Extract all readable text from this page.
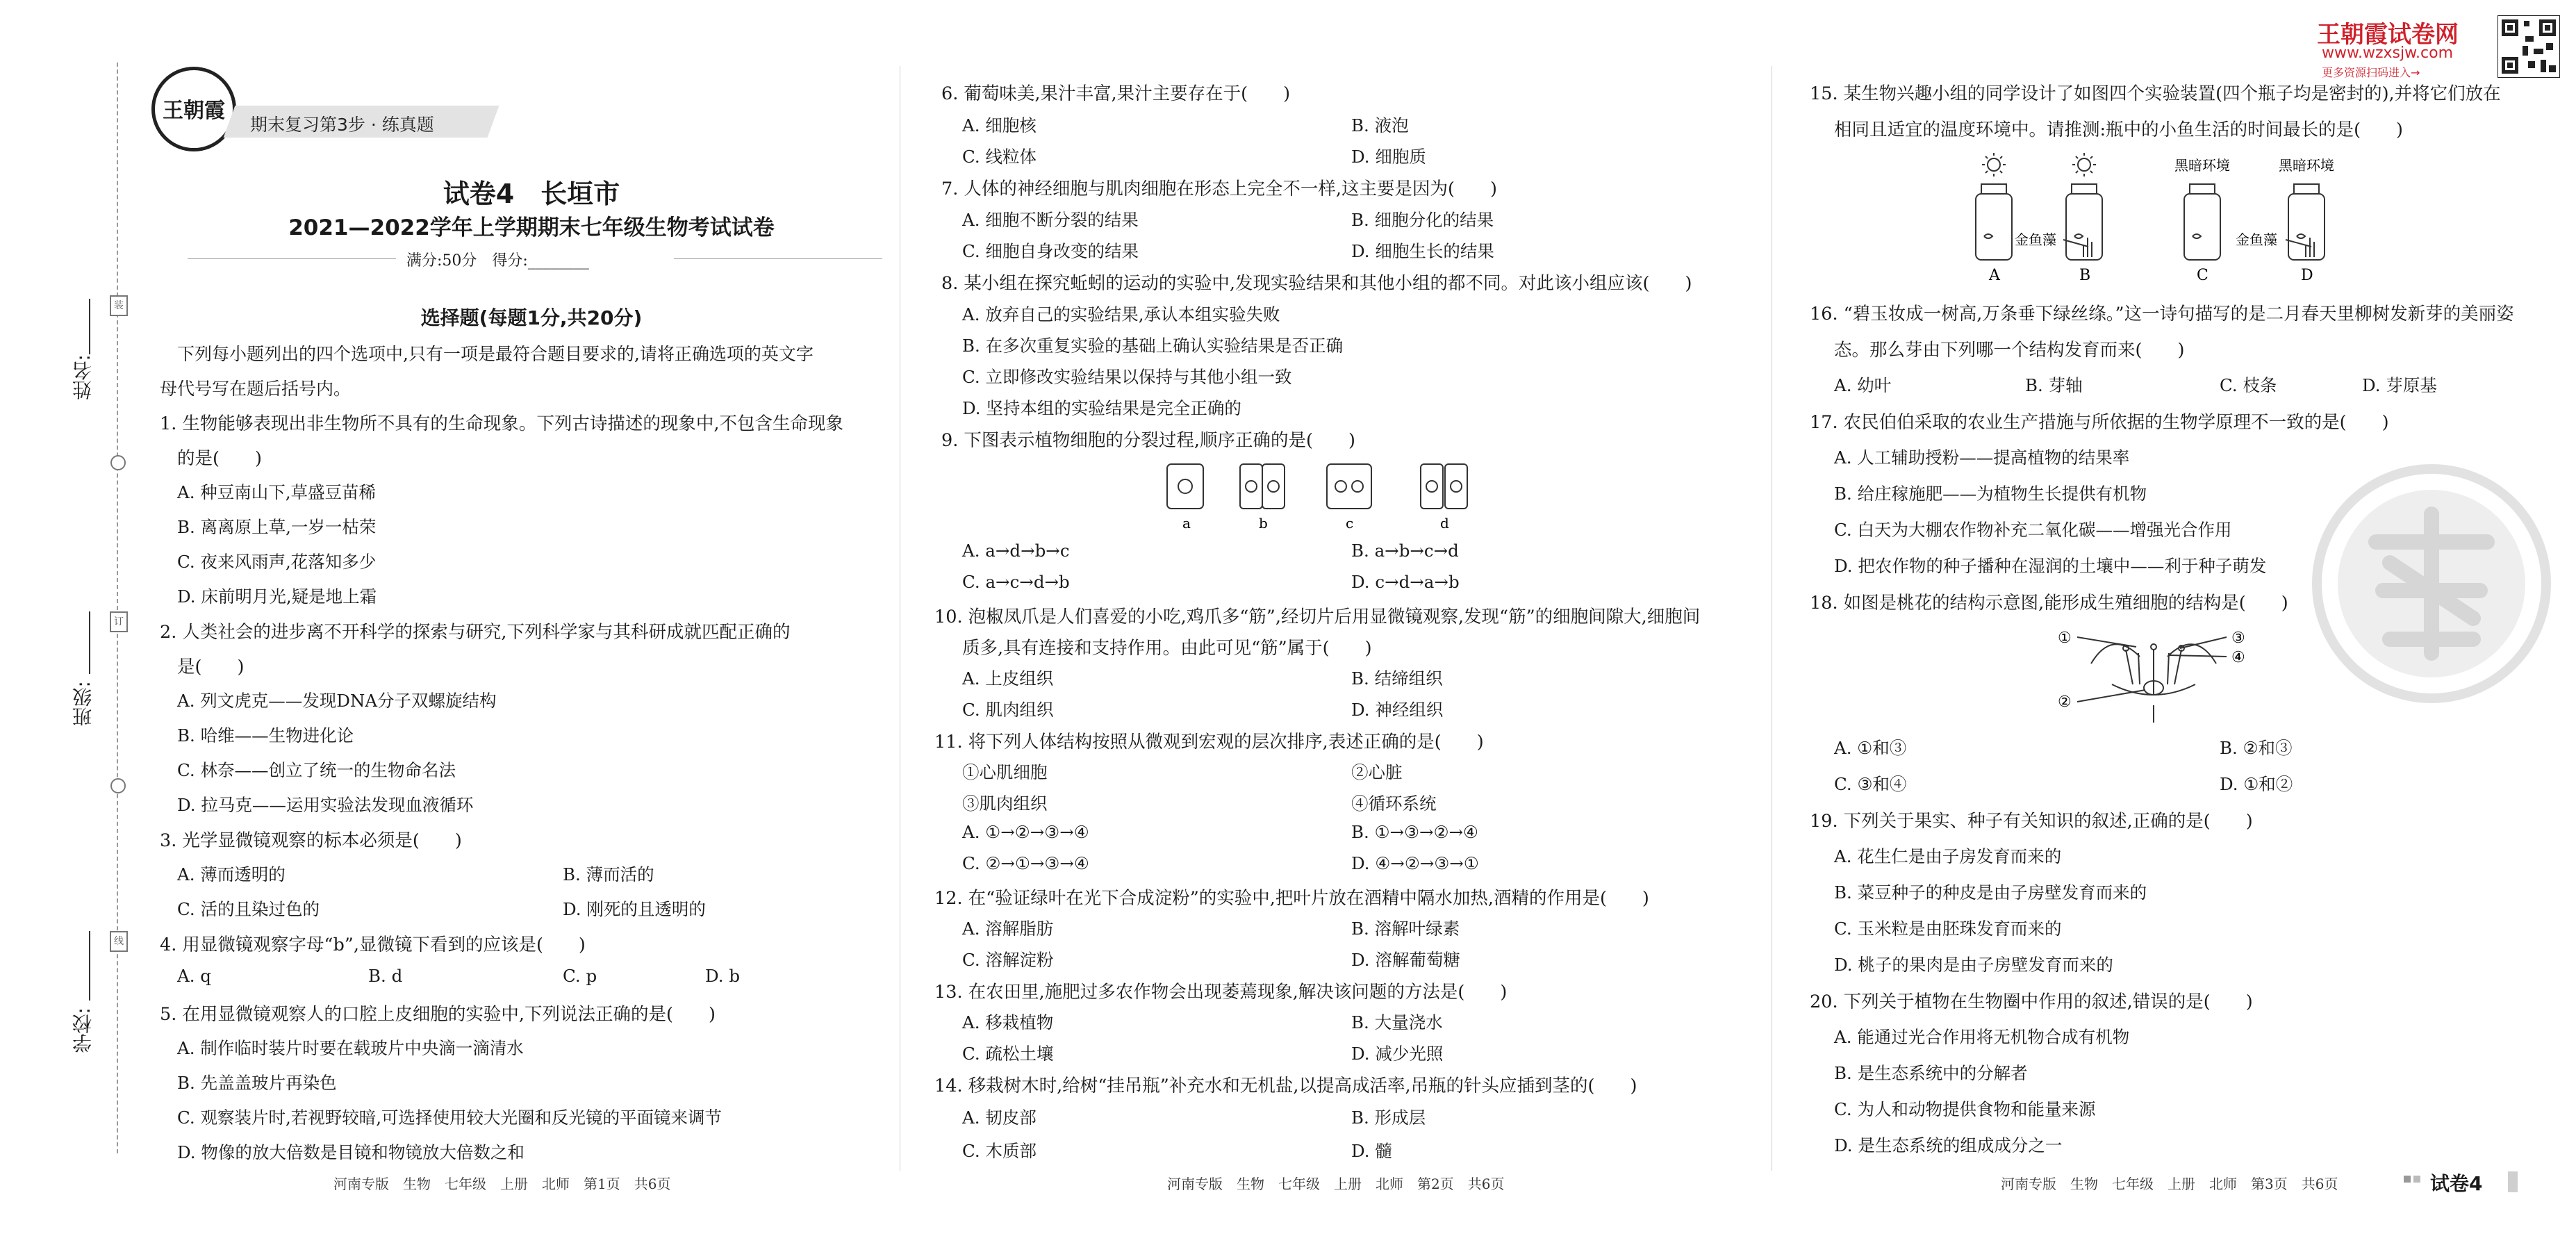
姓名:
班级:
学校:
装
订
线
王朝霞
期末复习第3步 · 练真题
试卷4　长垣市
2021—2022学年上学期期末七年级生物考试试卷
满分:50分　得分:________
选择题(每题1分,共20分)
下列每小题列出的四个选项中,只有一项是最符合题目要求的,请将正确选项的英文字
母代号写在题后括号内。
1. 生物能够表现出非生物所不具有的生命现象。下列古诗描述的现象中,不包含生命现象
的是(　　)
A. 种豆南山下,草盛豆苗稀
B. 离离原上草,一岁一枯荣
C. 夜来风雨声,花落知多少
D. 床前明月光,疑是地上霜
2. 人类社会的进步离不开科学的探索与研究,下列科学家与其科研成就匹配正确的
是(　　)
A. 列文虎克——发现DNA分子双螺旋结构
B. 哈维——生物进化论
C. 林奈——创立了统一的生物命名法
D. 拉马克——运用实验法发现血液循环
3. 光学显微镜观察的标本必须是(　　)
A. 薄而透明的	B. 薄而活的
C. 活的且染过色的	D. 刚死的且透明的
4. 用显微镜观察字母“b”,显微镜下看到的应该是(　　)
A. q	B. d	C. p	D. b
5. 在用显微镜观察人的口腔上皮细胞的实验中,下列说法正确的是(　　)
A. 制作临时装片时要在载玻片中央滴一滴清水
B. 先盖盖玻片再染色
C. 观察装片时,若视野较暗,可选择使用较大光圈和反光镜的平面镜来调节
D. 物像的放大倍数是目镜和物镜放大倍数之和
河南专版　生物　七年级　上册　北师　第1页　共6页
6. 葡萄味美,果汁丰富,果汁主要存在于(　　)
A. 细胞核	B. 液泡
C. 线粒体	D. 细胞质
7. 人体的神经细胞与肌肉细胞在形态上完全不一样,这主要是因为(　　)
A. 细胞不断分裂的结果	B. 细胞分化的结果
C. 细胞自身改变的结果	D. 细胞生长的结果
8. 某小组在探究蚯蚓的运动的实验中,发现实验结果和其他小组的都不同。对此该小组应该(　　)
A. 放弃自己的实验结果,承认本组实验失败
B. 在多次重复实验的基础上确认实验结果是否正确
C. 立即修改实验结果以保持与其他小组一致
D. 坚持本组的实验结果是完全正确的
9. 下图表示植物细胞的分裂过程,顺序正确的是(　　)
a	b	c	d
A. a→d→b→c	B. a→b→c→d
C. a→c→d→b	D. c→d→a→b
10. 泡椒凤爪是人们喜爱的小吃,鸡爪多“筋”,经切片后用显微镜观察,发现“筋”的细胞间隙大,细胞间
质多,具有连接和支持作用。由此可见“筋”属于(　　)
A. 上皮组织	B. 结缔组织
C. 肌肉组织	D. 神经组织
11. 将下列人体结构按照从微观到宏观的层次排序,表述正确的是(　　)
①心肌细胞	②心脏
③肌肉组织	④循环系统
A. ①→②→③→④	B. ①→③→②→④
C. ②→①→③→④	D. ④→②→③→①
12. 在“验证绿叶在光下合成淀粉”的实验中,把叶片放在酒精中隔水加热,酒精的作用是(　　)
A. 溶解脂肪	B. 溶解叶绿素
C. 溶解淀粉	D. 溶解葡萄糖
13. 在农田里,施肥过多农作物会出现萎蔫现象,解决该问题的方法是(　　)
A. 移栽植物	B. 大量浇水
C. 疏松土壤	D. 减少光照
14. 移栽树木时,给树“挂吊瓶”补充水和无机盐,以提高成活率,吊瓶的针头应插到茎的(　　)
A. 韧皮部	B. 形成层
C. 木质部	D. 髓
河南专版　生物　七年级　上册　北师　第2页　共6页
王朝霞试卷网
www.wzxsjw.com
更多资源扫码进入→
15. 某生物兴趣小组的同学设计了如图四个实验装置(四个瓶子均是密封的),并将它们放在
相同且适宜的温度环境中。请推测:瓶中的小鱼生活的时间最长的是(　　)
黑暗环境	黑暗环境
金鱼藻	金鱼藻
A	B	C	D
16. “碧玉妆成一树高,万条垂下绿丝绦。”这一诗句描写的是二月春天里柳树发新芽的美丽姿
态。那么芽由下列哪一个结构发育而来(　　)
A. 幼叶	B. 芽轴	C. 枝条	D. 芽原基
17. 农民伯伯采取的农业生产措施与所依据的生物学原理不一致的是(　　)
A. 人工辅助授粉——提高植物的结果率
B. 给庄稼施肥——为植物生长提供有机物
C. 白天为大棚农作物补充二氧化碳——增强光合作用
D. 把农作物的种子播种在湿润的土壤中——利于种子萌发
18. 如图是桃花的结构示意图,能形成生殖细胞的结构是(　　)
①
②
③
④
A. ①和③	B. ②和③
C. ③和④	D. ①和②
19. 下列关于果实、种子有关知识的叙述,正确的是(　　)
A. 花生仁是由子房发育而来的
B. 菜豆种子的种皮是由子房壁发育而来的
C. 玉米粒是由胚珠发育而来的
D. 桃子的果肉是由子房壁发育而来的
20. 下列关于植物在生物圈中作用的叙述,错误的是(　　)
A. 能通过光合作用将无机物合成有机物
B. 是生态系统中的分解者
C. 为人和动物提供食物和能量来源
D. 是生态系统的组成成分之一
河南专版　生物　七年级　上册　北师　第3页　共6页	试卷4
